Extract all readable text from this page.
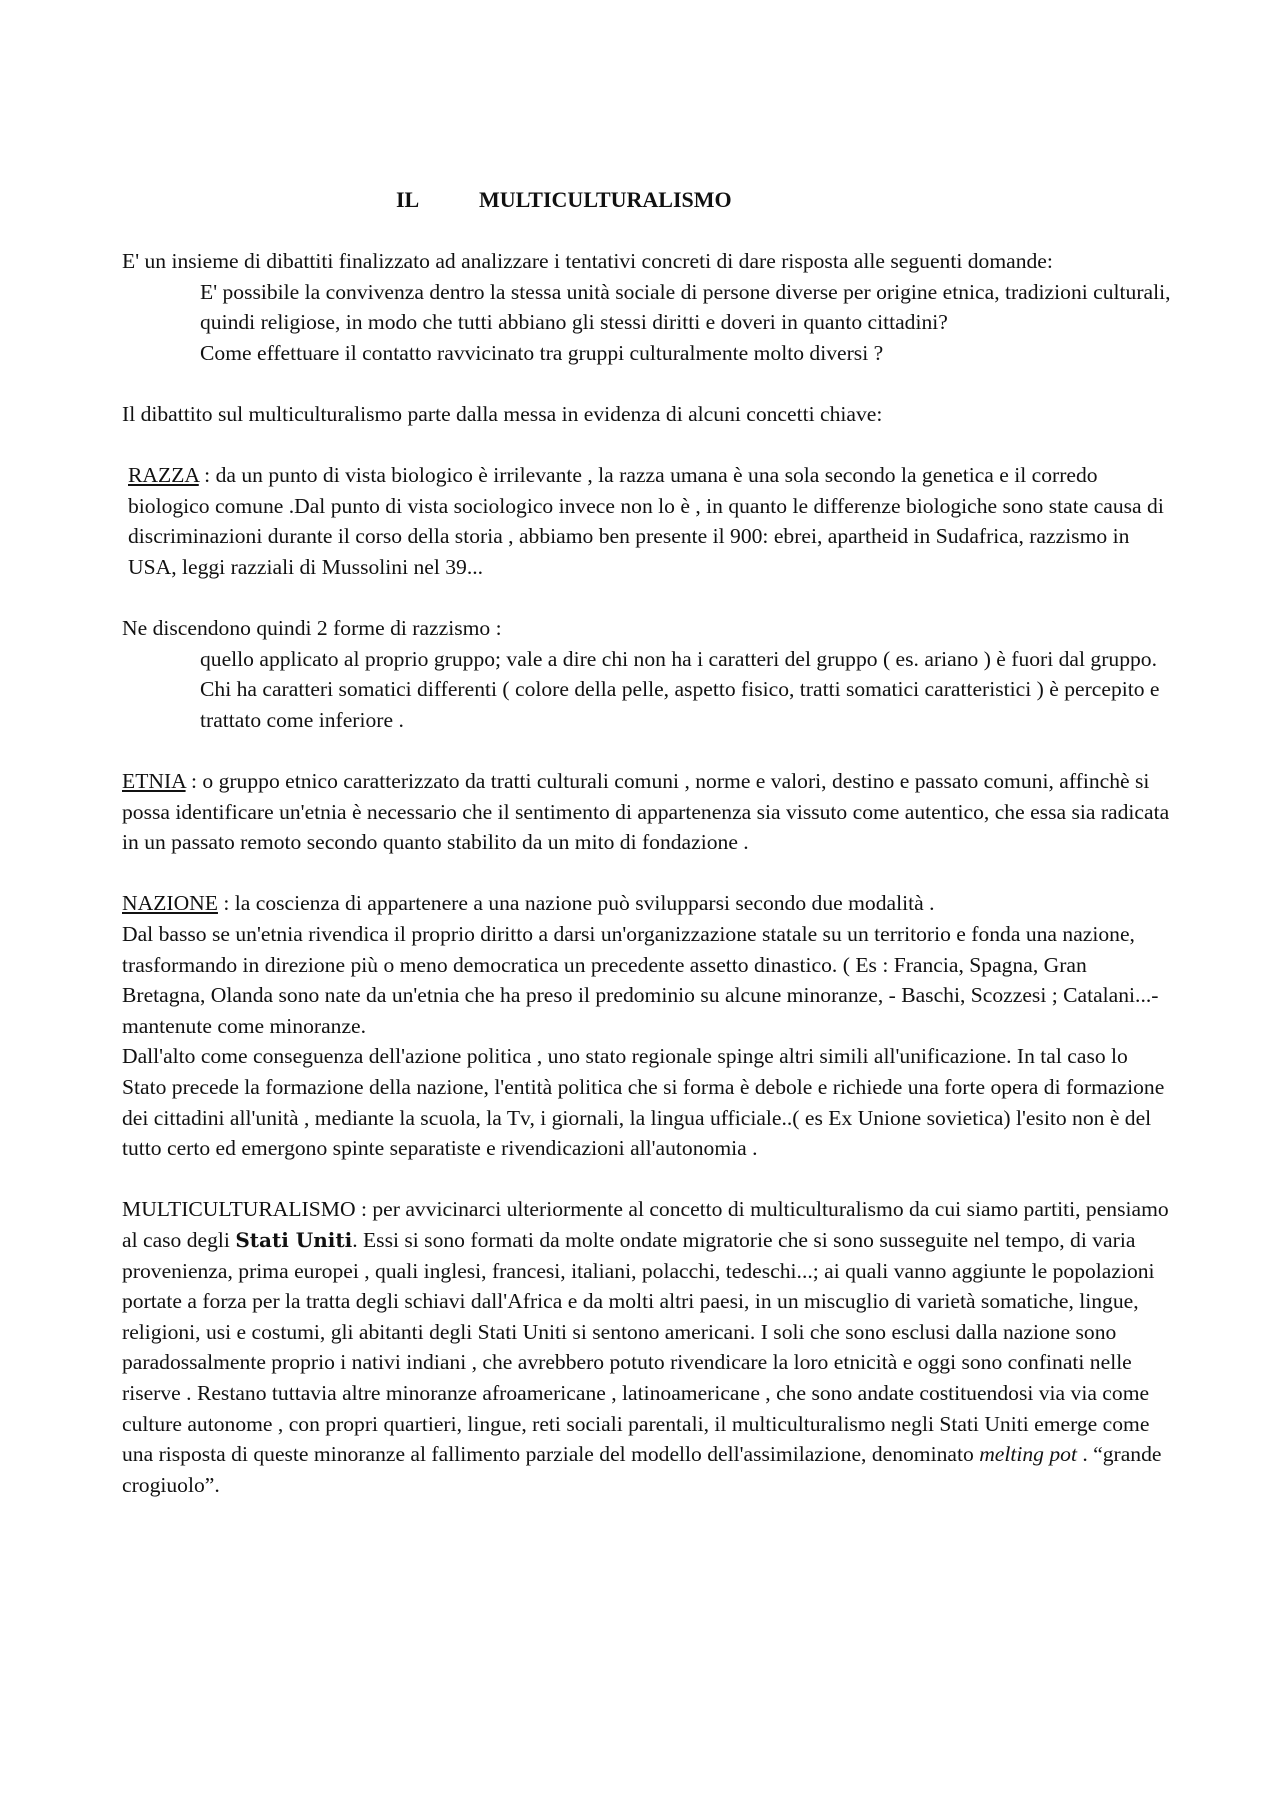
IL	MULTICULTURALISMO

E' un insieme di dibattiti finalizzato ad analizzare i tentativi concreti di dare risposta alle seguenti domande:

E' possibile la convivenza dentro la stessa unità sociale di persone diverse per origine etnica, tradizioni culturali, quindi religiose, in modo che tutti abbiano gli stessi diritti e doveri in quanto cittadini?

Come effettuare il contatto ravvicinato tra gruppi culturalmente molto diversi ?

Il dibattito sul multiculturalismo parte dalla messa in evidenza di alcuni concetti chiave:

RAZZA : da un punto di vista biologico è irrilevante , la razza umana è una sola secondo la genetica e il corredo biologico comune .Dal punto di vista sociologico invece non lo è , in quanto le differenze biologiche sono state causa di discriminazioni durante il corso della storia , abbiamo ben presente il 900: ebrei, apartheid in Sudafrica, razzismo in USA, leggi razziali di Mussolini nel 39...

Ne discendono quindi 2 forme di razzismo :

quello applicato al proprio gruppo; vale a dire chi non ha i caratteri del gruppo ( es. ariano ) è fuori dal gruppo.

Chi ha caratteri somatici differenti ( colore della pelle, aspetto fisico, tratti somatici caratteristici ) è percepito e trattato come inferiore .

ETNIA : o gruppo etnico caratterizzato da tratti culturali comuni , norme e valori, destino e passato comuni, affinchè si possa identificare un'etnia è necessario che il sentimento di appartenenza sia vissuto come autentico, che essa sia radicata in un passato remoto secondo quanto stabilito da un mito di fondazione .

NAZIONE : la coscienza di appartenere a una nazione può svilupparsi secondo due modalità .

Dal basso se un'etnia rivendica il proprio diritto a darsi un'organizzazione statale su un territorio e fonda una nazione, trasformando in direzione più o meno democratica un precedente assetto dinastico. ( Es : Francia, Spagna, Gran Bretagna, Olanda sono nate da un'etnia che ha preso il predominio su alcune minoranze, - Baschi, Scozzesi ; Catalani...- mantenute come minoranze.

Dall'alto come conseguenza dell'azione politica , uno stato regionale spinge altri simili all'unificazione. In tal caso lo Stato precede la formazione della nazione, l'entità politica che si forma è debole e richiede una forte opera di formazione dei cittadini all'unità , mediante la scuola, la Tv, i giornali, la lingua ufficiale..( es Ex Unione sovietica) l'esito non è del tutto certo ed emergono spinte separatiste e rivendicazioni all'autonomia .

MULTICULTURALISMO : per avvicinarci ulteriormente al concetto di multiculturalismo da cui siamo partiti, pensiamo al caso degli Stati Uniti. Essi si sono formati da molte ondate migratorie che si sono susseguite nel tempo, di varia provenienza, prima europei , quali inglesi, francesi, italiani, polacchi, tedeschi...; ai quali vanno aggiunte le popolazioni portate a forza per la tratta degli schiavi dall'Africa e da molti altri paesi, in un miscuglio di varietà somatiche, lingue, religioni, usi e costumi, gli abitanti degli Stati Uniti si sentono americani. I soli che sono esclusi dalla nazione sono paradossalmente proprio i nativi indiani , che avrebbero potuto rivendicare la loro etnicità e oggi sono confinati nelle riserve . Restano tuttavia altre minoranze afroamericane , latinoamericane , che sono andate costituendosi via via come culture autonome , con propri quartieri, lingue, reti sociali parentali, il multiculturalismo negli Stati Uniti emerge come una risposta di queste minoranze al fallimento parziale del modello dell'assimilazione, denominato melting pot . “grande crogiuolo”.
